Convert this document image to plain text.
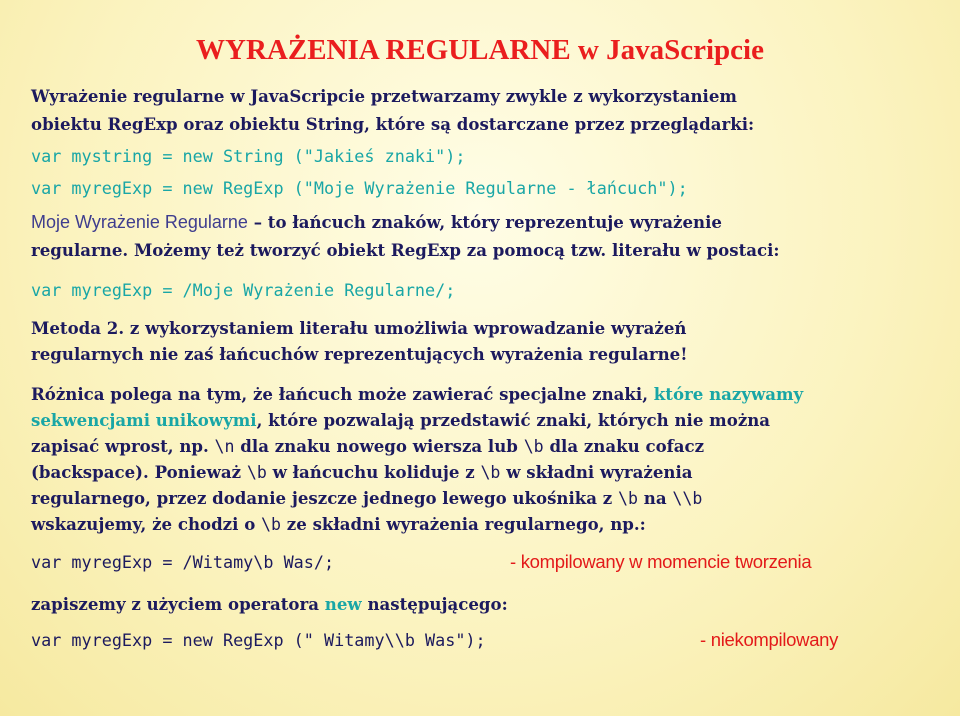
WYRAŻENIA REGULARNE w JavaScripcie
Wyrażenie regularne w JavaScripcie przetwarzamy zwykle z wykorzystaniem
obiektu RegExp oraz obiektu String, które są dostarczane przez przeglądarki:
var mystring = new String ("Jakieś znaki");
var myregExp = new RegExp ("Moje Wyrażenie Regularne - łańcuch");
Moje Wyrażenie Regularne – to łańcuch znaków, który reprezentuje wyrażenie
regularne. Możemy też tworzyć obiekt RegExp za pomocą tzw. literału w postaci:
var myregExp = /Moje Wyrażenie Regularne/;
Metoda 2. z wykorzystaniem literału umożliwia wprowadzanie wyrażeń
regularnych nie zaś łańcuchów reprezentujących wyrażenia regularne!
Różnica polega na tym, że łańcuch może zawierać specjalne znaki, które nazywamy
sekwencjami unikowymi, które pozwalają przedstawić znaki, których nie można
zapisać wprost, np. \n dla znaku nowego wiersza lub \b dla znaku cofacz
(backspace). Ponieważ \b w łańcuchu koliduje z \b w składni wyrażenia
regularnego, przez dodanie jeszcze jednego lewego ukośnika z \b na \\b
wskazujemy, że chodzi o \b ze składni wyrażenia regularnego, np.:
var myregExp = /Witamy\b Was/;	- kompilowany w momencie tworzenia
zapiszemy z użyciem operatora new następującego:
var myregExp = new RegExp (" Witamy\\b Was");	- niekompilowany
